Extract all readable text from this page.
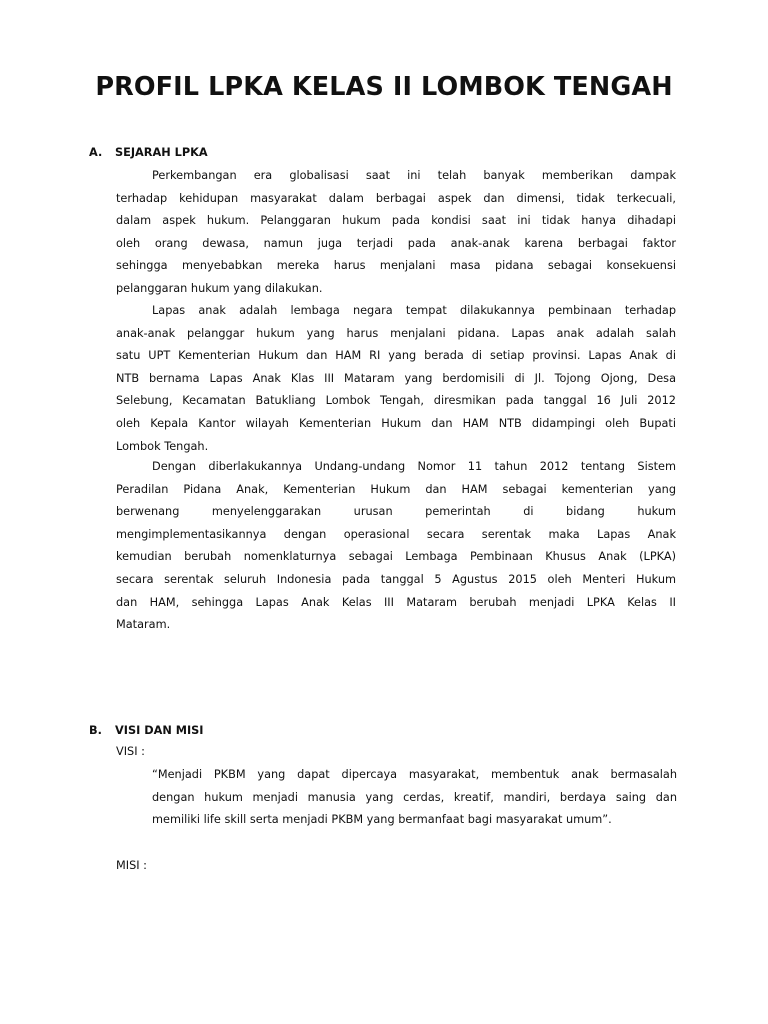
PROFIL LPKA KELAS II LOMBOK TENGAH
A. SEJARAH LPKA
Perkembangan era globalisasi saat ini telah banyak memberikan dampak
terhadap kehidupan masyarakat dalam berbagai aspek dan dimensi, tidak terkecuali,
dalam aspek hukum. Pelanggaran hukum pada kondisi saat ini tidak hanya dihadapi
oleh orang dewasa, namun juga terjadi pada anak-anak karena berbagai faktor
sehingga menyebabkan mereka harus menjalani masa pidana sebagai konsekuensi
pelanggaran hukum yang dilakukan.
Lapas anak adalah lembaga negara tempat dilakukannya pembinaan terhadap
anak-anak pelanggar hukum yang harus menjalani pidana. Lapas anak adalah salah
satu UPT Kementerian Hukum dan HAM RI yang berada di setiap provinsi. Lapas Anak di
NTB bernama Lapas Anak Klas III Mataram yang berdomisili di Jl. Tojong Ojong, Desa
Selebung, Kecamatan Batukliang Lombok Tengah, diresmikan pada tanggal 16 Juli 2012
oleh Kepala Kantor wilayah Kementerian Hukum dan HAM NTB didampingi oleh Bupati
Lombok Tengah.
Dengan diberlakukannya Undang-undang Nomor 11 tahun 2012 tentang Sistem
Peradilan Pidana Anak, Kementerian Hukum dan HAM sebagai kementerian yang
berwenang menyelenggarakan urusan pemerintah di bidang hukum
mengimplementasikannya dengan operasional secara serentak maka Lapas Anak
kemudian berubah nomenklaturnya sebagai Lembaga Pembinaan Khusus Anak (LPKA)
secara serentak seluruh Indonesia pada tanggal 5 Agustus 2015 oleh Menteri Hukum
dan HAM, sehingga Lapas Anak Kelas III Mataram berubah menjadi LPKA Kelas II
Mataram.
B. VISI DAN MISI
VISI :
“Menjadi PKBM yang dapat dipercaya masyarakat, membentuk anak bermasalah
dengan hukum menjadi manusia yang cerdas, kreatif, mandiri, berdaya saing dan
memiliki life skill serta menjadi PKBM yang bermanfaat bagi masyarakat umum”.
MISI :
